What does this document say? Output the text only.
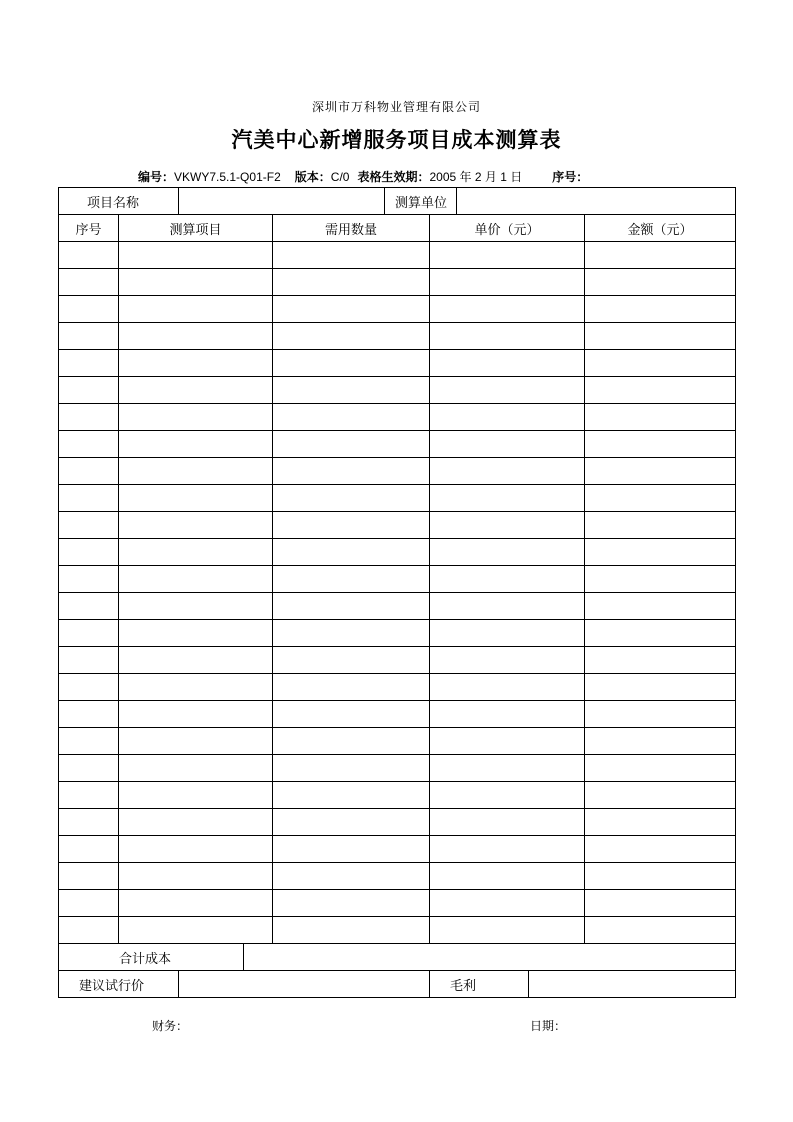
深圳市万科物业管理有限公司
汽美中心新增服务项目成本测算表
编号：VKWY7.5.1-Q01-F2 版本：C/0 表格生效期：2005 年 2 月 1 日	序号：
项目名称					测算单位				
序号	测算项目			需用数量		单价（元）			金额（元）

合计成本									
建议试行价						毛利			
财务：	日期：
